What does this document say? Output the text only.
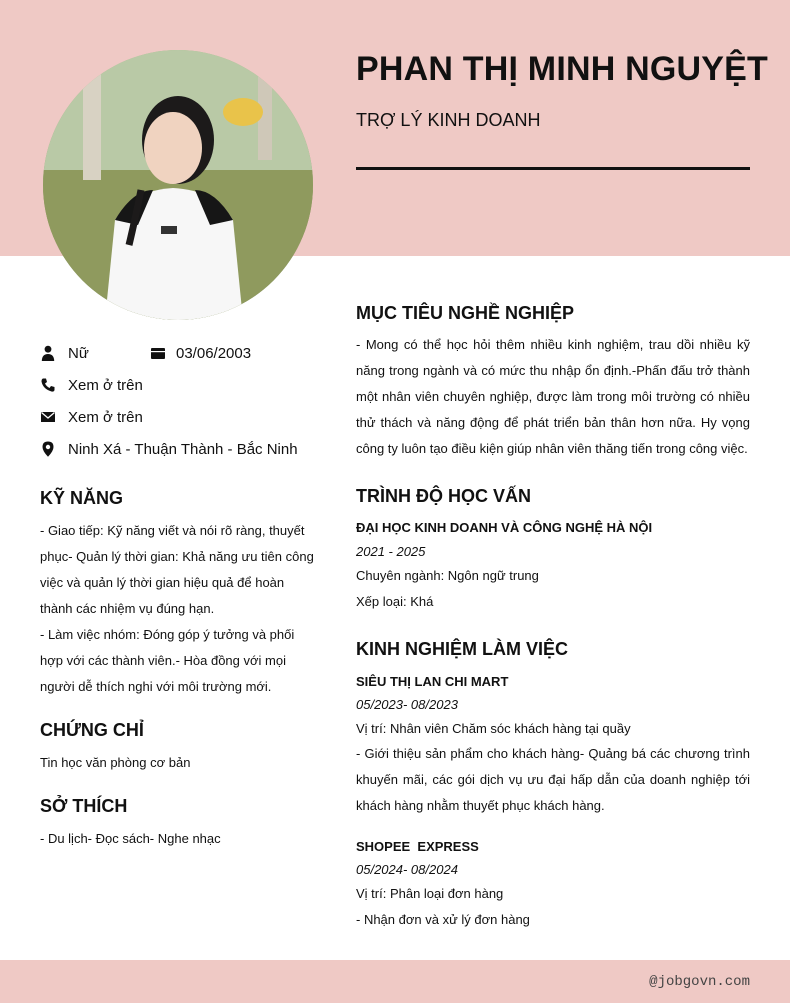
PHAN THỊ MINH NGUYỆT
TRỢ LÝ KINH DOANH
Nữ	03/06/2003
Xem ở trên
Xem ở trên
Ninh Xá - Thuận Thành - Bắc Ninh
KỸ NĂNG
- Giao tiếp: Kỹ năng viết và nói rõ ràng, thuyết phục- Quản lý thời gian: Khả năng ưu tiên công việc và quản lý thời gian hiệu quả để hoàn thành các nhiệm vụ đúng hạn.
- Làm việc nhóm: Đóng góp ý tưởng và phối hợp với các thành viên.- Hòa đồng với mọi người dễ thích nghi với môi trường mới.
CHỨNG CHỈ
Tin học văn phòng cơ bản
SỞ THÍCH
- Du lịch- Đọc sách- Nghe nhạc
MỤC TIÊU NGHỀ NGHIỆP
- Mong có thể học hỏi thêm nhiều kinh nghiệm, trau dồi nhiều kỹ năng trong ngành và có mức thu nhập ổn định.-Phấn đấu trở thành một nhân viên chuyên nghiệp, được làm trong môi trường có nhiều thử thách và năng động để phát triển bản thân hơn nữa. Hy vọng công ty luôn tạo điều kiện giúp nhân viên thăng tiến trong công việc.
TRÌNH ĐỘ HỌC VẤN
ĐẠI HỌC KINH DOANH VÀ CÔNG NGHỆ HÀ NỘI
2021 - 2025
Chuyên ngành: Ngôn ngữ trung
Xếp loại: Khá
KINH NGHIỆM LÀM VIỆC
SIÊU THỊ LAN CHI MART
05/2023- 08/2023
Vị trí: Nhân viên Chăm sóc khách hàng tại quầy
- Giới thiệu sản phẩm cho khách hàng- Quảng bá các chương trình khuyến mãi, các gói dịch vụ ưu đại hấp dẫn của doanh nghiệp tới khách hàng nhằm thuyết phục khách hàng.
SHOPEE  EXPRESS
05/2024- 08/2024
Vị trí: Phân loại đơn hàng
- Nhận đơn và xử lý đơn hàng
@jobgovn.com
